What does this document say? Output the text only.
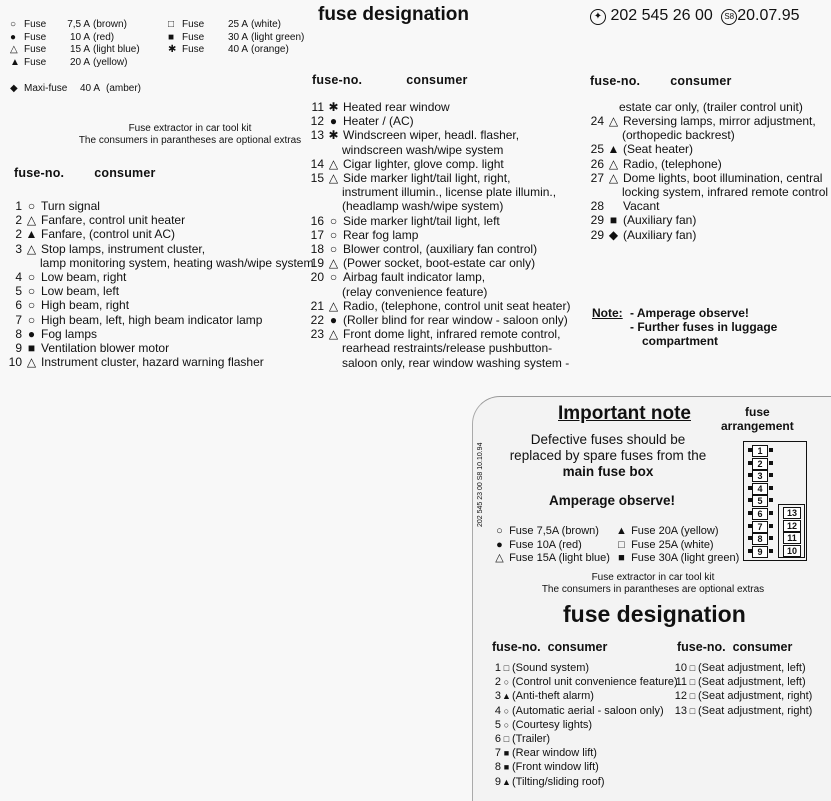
fuse designation	✦ 202 545 26 00 S8 20.07.95
○ Fuse	7,5 A (brown)
● Fuse	10 A (red)
△ Fuse	15 A (light blue)
▲ Fuse	20 A (yellow)
□ Fuse	25 A (white)
■ Fuse	30 A (light green)
✱ Fuse	40 A (orange)
◆ Maxi-fuse	40 A (amber)
Fuse extractor in car tool kit
The consumers in parantheses are optional extras
fuse-no. consumer
1 ○ Turn signal
2 △ Fanfare, control unit heater
2 ▲ Fanfare, (control unit AC)
3 △ Stop lamps, instrument cluster,
lamp monitoring system, heating wash/wipe system
4 ○ Low beam, right
5 ○ Low beam, left
6 ○ High beam, right
7 ○ High beam, left, high beam indicator lamp
8 ● Fog lamps
9 ■ Ventilation blower motor
10 △ Instrument cluster, hazard warning flasher
fuse-no.	consumer
11 ✱ Heated rear window
12 ● Heater / (AC)
13 ✱ Windscreen wiper, headl. flasher,
windscreen wash/wipe system
14 △ Cigar lighter, glove comp. light
15 △ Side marker light/tail light, right,
instrument illumin., license plate illumin.,
(headlamp wash/wipe system)
16 ○ Side marker light/tail light, left
17 ○ Rear fog lamp
18 ○ Blower control, (auxiliary fan control)
19 △ (Power socket, boot-estate car only)
20 ○ Airbag fault indicator lamp,
(relay convenience feature)
21 △ Radio, (telephone, control unit seat heater)
22 ● (Roller blind for rear window - saloon only)
23 △ Front dome light, infrared remote control,
rearhead restraints/release pushbutton-
saloon only, rear window washing system -
fuse-no. consumer
estate car only, (trailer control unit)
24 △ Reversing lamps, mirror adjustment,
(orthopedic backrest)
25 ▲ (Seat heater)
26 △ Radio, (telephone)
27 △ Dome lights, boot illumination, central
locking system, infrared remote control
28 Vacant
29 ■ (Auxiliary fan)
29 ◆ (Auxiliary fan)
Note: - Amperage observe!
- Further fuses in luggage
compartment
Important note	fuse
arrangement
Defective fuses should be
replaced by spare fuses from the
main fuse box
Amperage observe!
202 545 23 00 S8 10.10.94	1
2
3
4
5
6
7
8
9
13
12
11
10
○ Fuse 7,5A (brown)
● Fuse 10A (red)
△ Fuse 15A (light blue)
▲ Fuse 20A (yellow)
□ Fuse 25A (white)
■ Fuse 30A (light green)
Fuse extractor in car tool kit
The consumers in parantheses are optional extras
fuse designation
fuse-no. consumer	fuse-no. consumer
1 □ (Sound system)
2 ○ (Control unit convenience feature)
3 ▲ (Anti-theft alarm)
4 ○ (Automatic aerial - saloon only)
5 ○ (Courtesy lights)
6 □ (Trailer)
7 ■ (Rear window lift)
8 ■ (Front window lift)
9 ▲ (Tilting/sliding roof)
10 □ (Seat adjustment, left)
11 □ (Seat adjustment, left)
12 □ (Seat adjustment, right)
13 □ (Seat adjustment, right)
